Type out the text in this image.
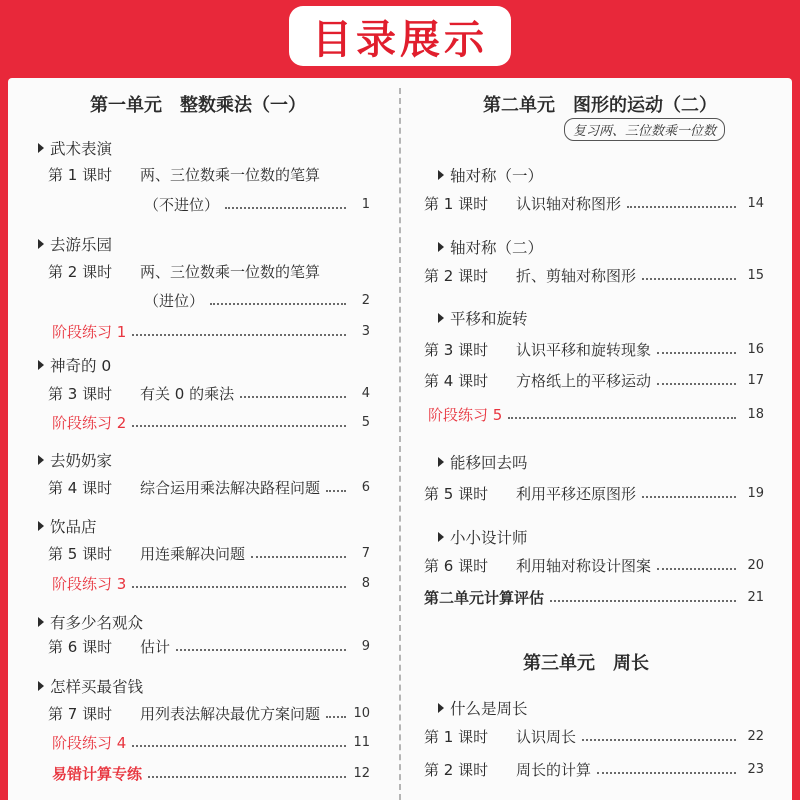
目录展示
第一单元　整数乘法（一）
武术表演
第 1 课时	两、三位数乘一位数的笔算
（不进位）	1
去游乐园
第 2 课时	两、三位数乘一位数的笔算
（进位）	2
阶段练习 1	3
神奇的 0
第 3 课时	有关 0 的乘法	4
阶段练习 2	5
去奶奶家
第 4 课时	综合运用乘法解决路程问题	6
饮品店
第 5 课时	用连乘解决问题	7
阶段练习 3	8
有多少名观众
第 6 课时	估计	9
怎样买最省钱
第 7 课时	用列表法解决最优方案问题	10
阶段练习 4	11
易错计算专练	12
第二单元　图形的运动（二）
复习两、三位数乘一位数
轴对称（一）
第 1 课时	认识轴对称图形	14
轴对称（二）
第 2 课时	折、剪轴对称图形	15
平移和旋转
第 3 课时	认识平移和旋转现象	16
第 4 课时	方格纸上的平移运动	17
阶段练习 5	18
能移回去吗
第 5 课时	利用平移还原图形	19
小小设计师
第 6 课时	利用轴对称设计图案	20
第二单元计算评估	21
第三单元　周长
什么是周长
第 1 课时	认识周长	22
第 2 课时	周长的计算	23
